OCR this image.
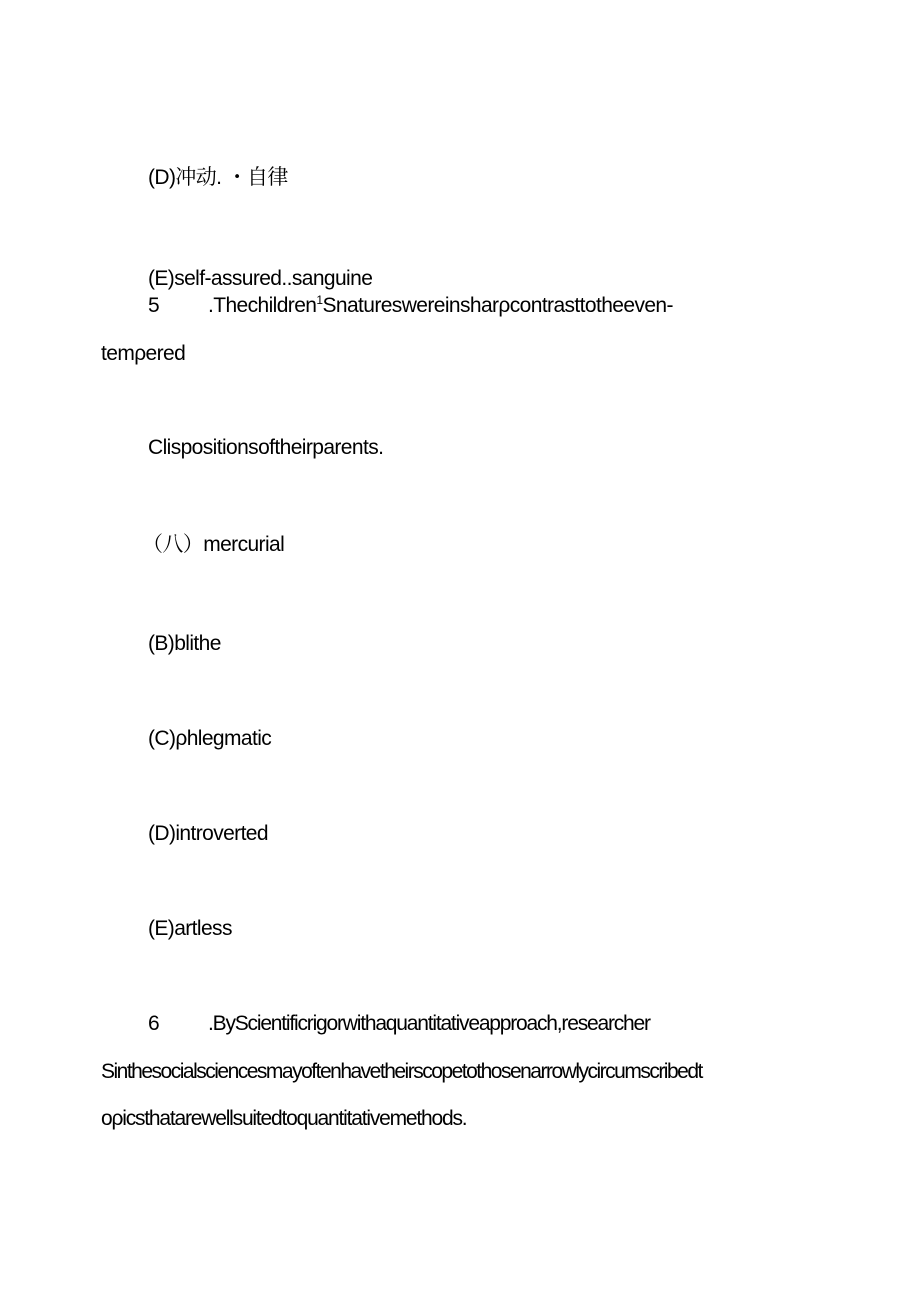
(D)冲动. ・自律
(E)self-assured..sanguine
5 .Thechildren$^1$Snatureswereinsharρcontrasttotheeven-
temρered
Clispositionsoftheirparents.
（八）mercurial
(B)blithe
(C)ρhlegmatic
(D)introverted
(E)artless
6 .ByScientificrigorwithaquantitativeapproach,researcher
Sinthesocialsciencesmayoftenhavetheirscopetothosenarrowlycircumscribedt
oρicsthatarewellsuitedtoquantitativemethods.
